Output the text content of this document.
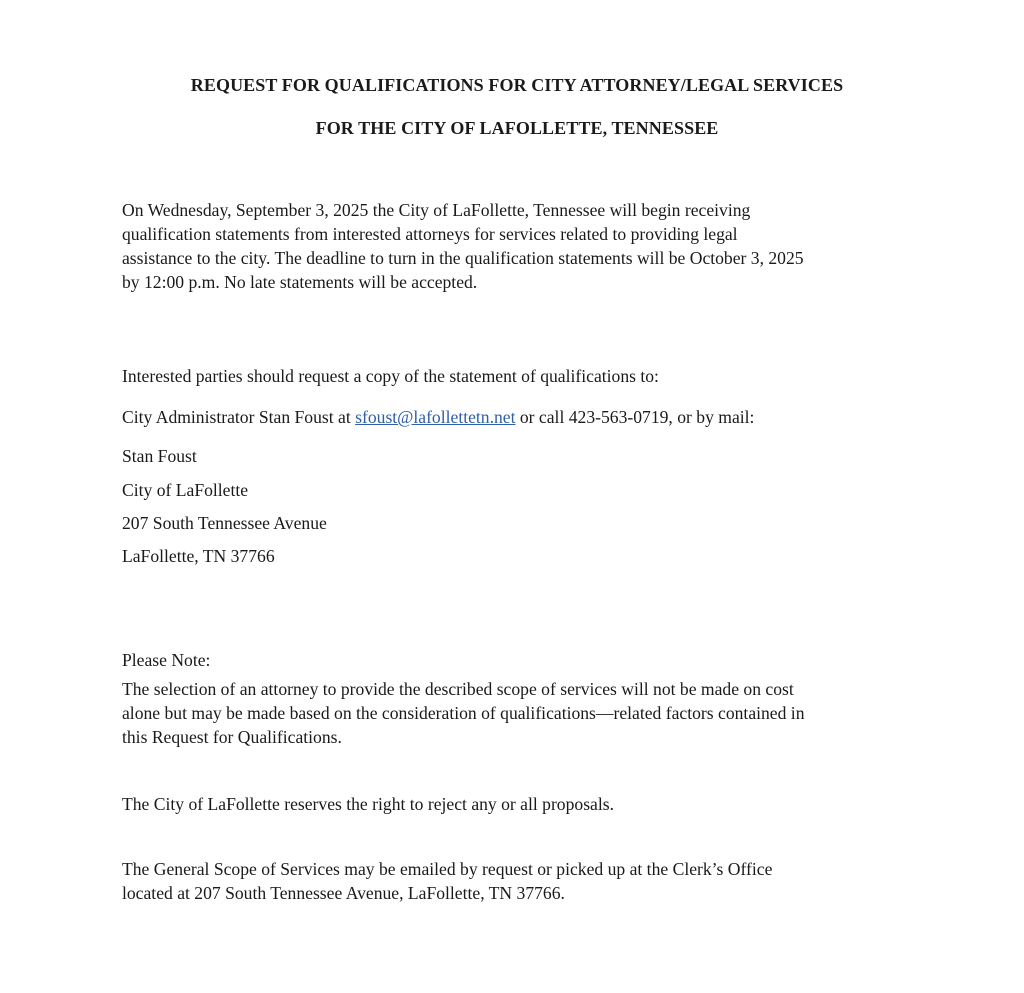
REQUEST FOR QUALIFICATIONS FOR CITY ATTORNEY/LEGAL SERVICES
FOR THE CITY OF LAFOLLETTE, TENNESSEE
On Wednesday, September 3, 2025 the City of LaFollette, Tennessee will begin receiving
qualification statements from interested attorneys for services related to providing legal
assistance to the city. The deadline to turn in the qualification statements will be October 3, 2025
by 12:00 p.m. No late statements will be accepted.
Interested parties should request a copy of the statement of qualifications to:
City Administrator Stan Foust at sfoust@lafollettetn.net or call 423-563-0719, or by mail:
Stan Foust
City of LaFollette
207 South Tennessee Avenue
LaFollette, TN 37766
Please Note:
The selection of an attorney to provide the described scope of services will not be made on cost
alone but may be made based on the consideration of qualifications—related factors contained in
this Request for Qualifications.
The City of LaFollette reserves the right to reject any or all proposals.
The General Scope of Services may be emailed by request or picked up at the Clerk’s Office
located at 207 South Tennessee Avenue, LaFollette, TN 37766.
